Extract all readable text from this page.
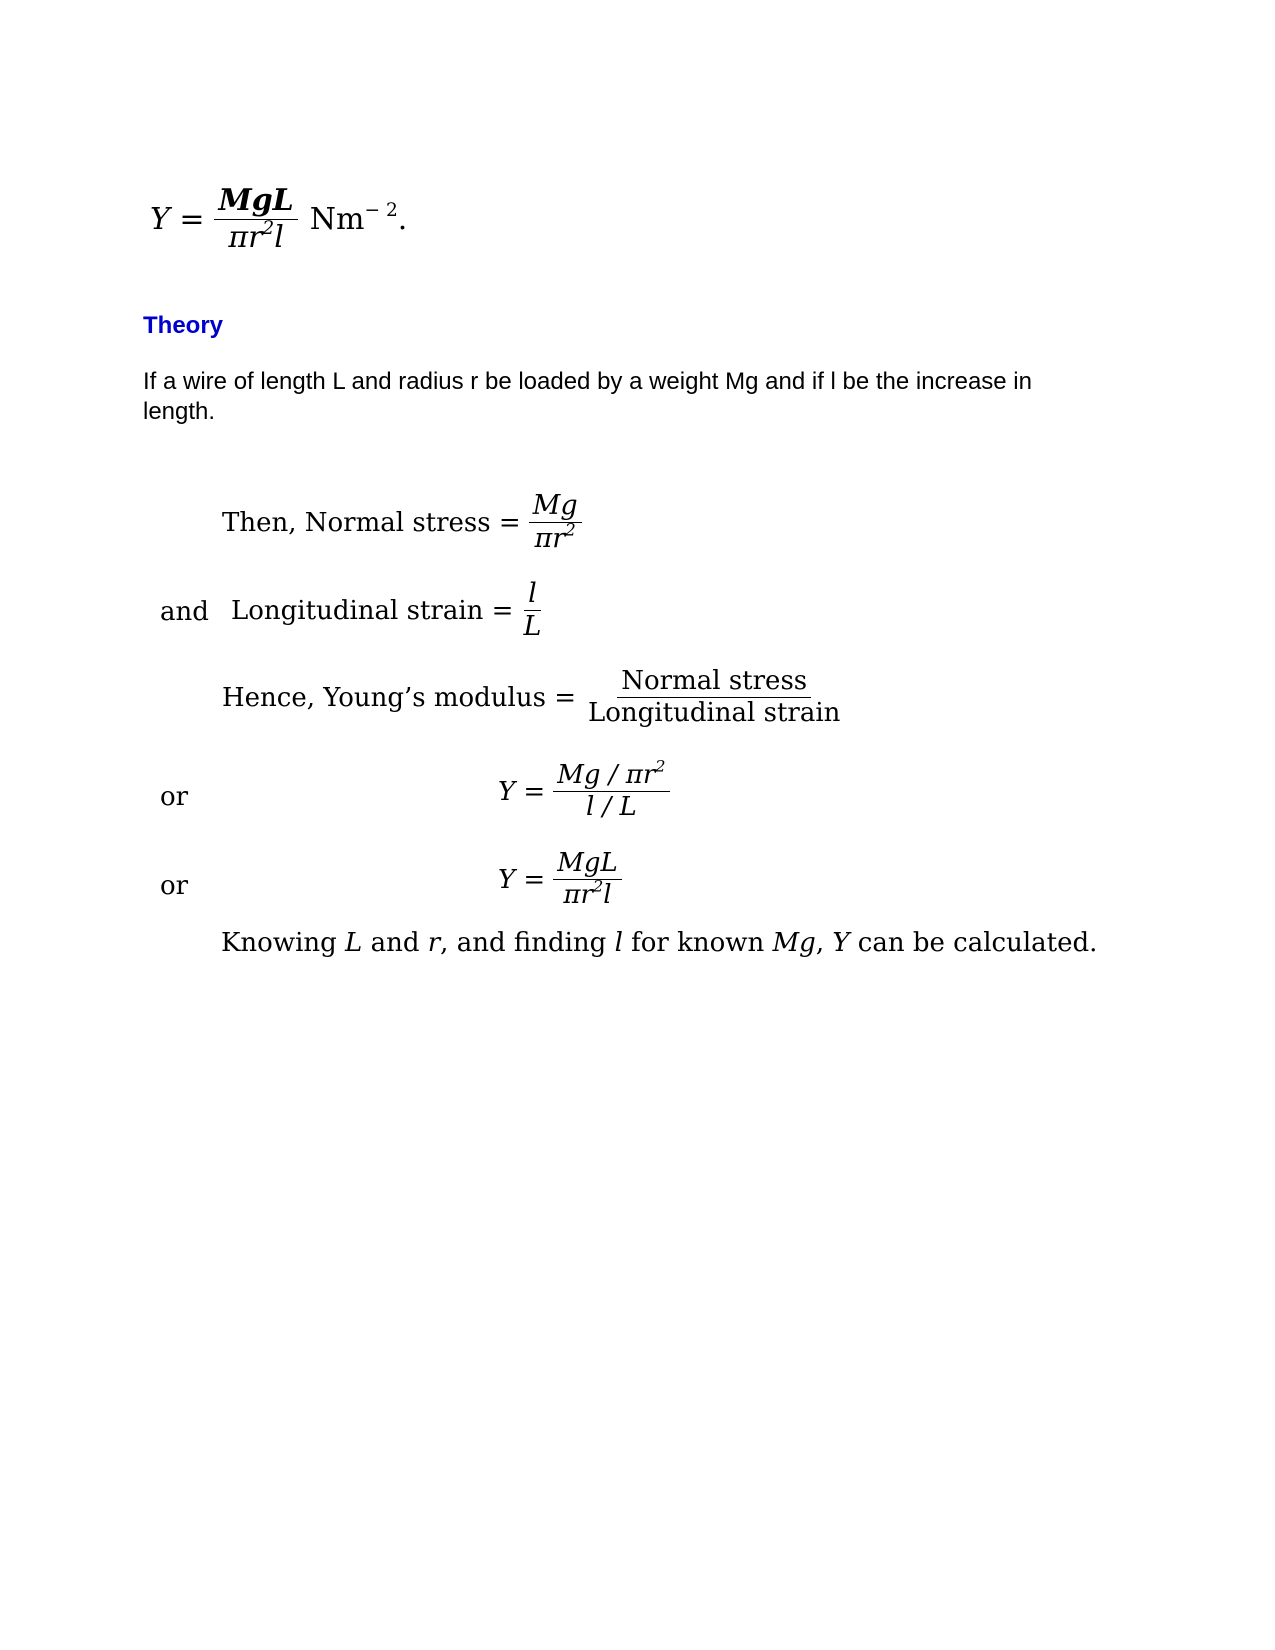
$Y = \frac{\text{MgL}}{\pi r^2l} Nm^{- 2}$.
Theory
If a wire of length L and radius r be loaded by a weight Mg and if l be the increase in length.
Then, Normal stress = $\frac{Mg}{\pi r^2}$
and Longitudinal strain = $\frac{l}{L}$
Hence, Young’s modulus = $\frac{\text{Normal stress}}{\text{Longitudinal strain}}$
or	$Y = \frac{Mg / \pi r^2}{l / L}$
or	$Y = \frac{\text{MgL}}{\pi r^2l}$
Knowing L and r, and finding l for known Mg, Y can be calculated.
